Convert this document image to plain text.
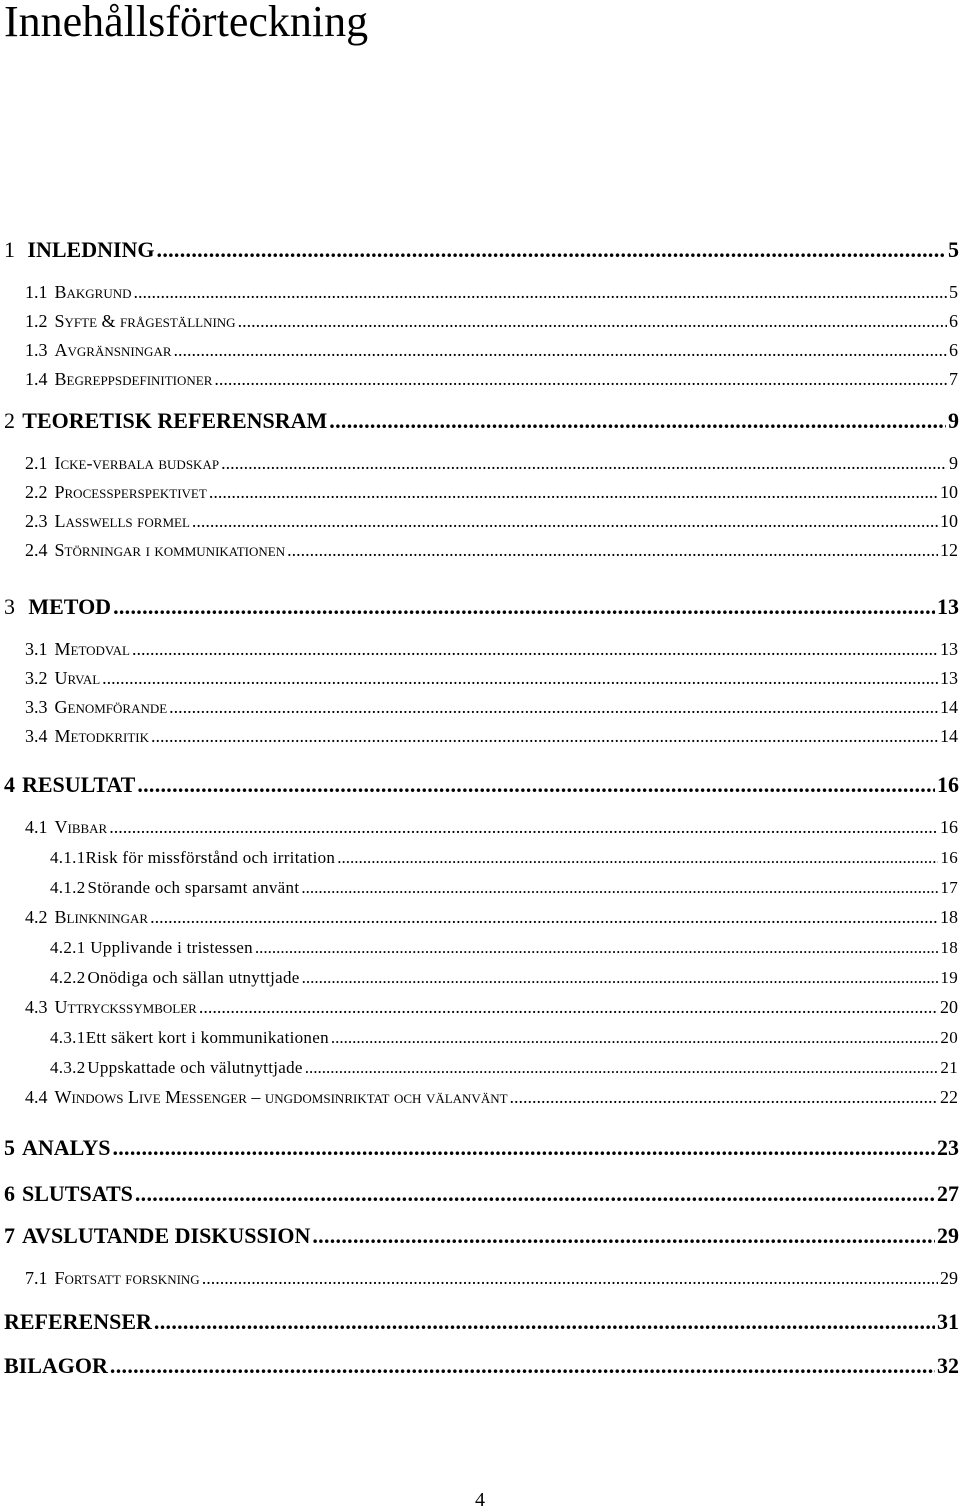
Innehållsförteckning
1 INLEDNING .....	5
1.1 Bakgrund .....	5
1.2 Syfte & frågeställning .....	6
1.3 Avgränsningar .....	6
1.4 Begreppsdefinitioner .....	7
2 TEORETISK REFERENSRAM .....	9
2.1 Icke-verbala budskap .....	9
2.2 Processperspektivet .....	10
2.3 Lasswells formel .....	10
2.4 Störningar i kommunikationen .....	12
3 METOD .....	13
3.1 Metodval .....	13
3.2 Urval .....	13
3.3 Genomförande .....	14
3.4 Metodkritik .....	14
4 RESULTAT .....	16
4.1 Vibbar .....	16
4.1.1 Risk för missförstånd och irritation .....	16
4.1.2 Störande och sparsamt använt .....	17
4.2 Blinkningar .....	18
4.2.1 Upplivande i tristessen .....	18
4.2.2 Onödiga och sällan utnyttjade .....	19
4.3 Uttryckssymboler .....	20
4.3.1 Ett säkert kort i kommunikationen .....	20
4.3.2 Uppskattade och välutnyttjade .....	21
4.4 Windows Live Messenger – ungdomsinriktat och välanvänt .....	22
5 ANALYS .....	23
6 SLUTSATS .....	27
7 AVSLUTANDE DISKUSSION .....	29
7.1 Fortsatt forskning .....	29
REFERENSER .....	31
BILAGOR .....	32
4
